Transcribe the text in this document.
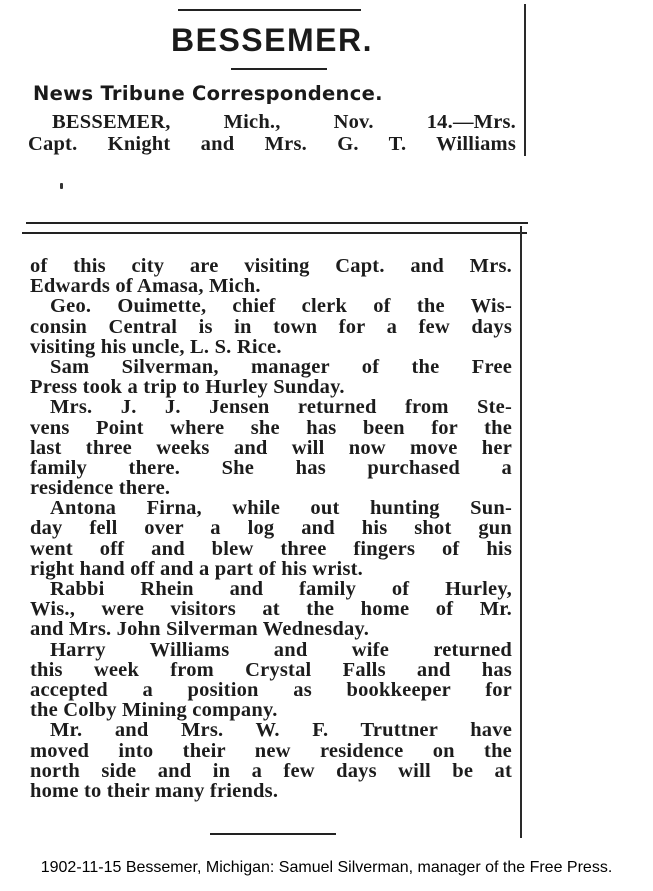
BESSEMER.
News Tribune Correspondence.
BESSEMER, Mich., Nov. 14.—Mrs.
Capt. Knight and Mrs. G. T. Williams
of this city are visiting Capt. and Mrs.
Edwards of Amasa, Mich.
Geo. Ouimette, chief clerk of the Wis-
consin Central is in town for a few days
visiting his uncle, L. S. Rice.
Sam Silverman, manager of the Free
Press took a trip to Hurley Sunday.
Mrs. J. J. Jensen returned from Ste-
vens Point where she has been for the
last three weeks and will now move her
family there. She has purchased a
residence there.
Antona Firna, while out hunting Sun-
day fell over a log and his shot gun
went off and blew three fingers of his
right hand off and a part of his wrist.
Rabbi Rhein and family of Hurley,
Wis., were visitors at the home of Mr.
and Mrs. John Silverman Wednesday.
Harry Williams and wife returned
this week from Crystal Falls and has
accepted a position as bookkeeper for
the Colby Mining company.
Mr. and Mrs. W. F. Truttner have
moved into their new residence on the
north side and in a few days will be at
home to their many friends.
1902-11-15 Bessemer, Michigan: Samuel Silverman, manager of the Free Press.
